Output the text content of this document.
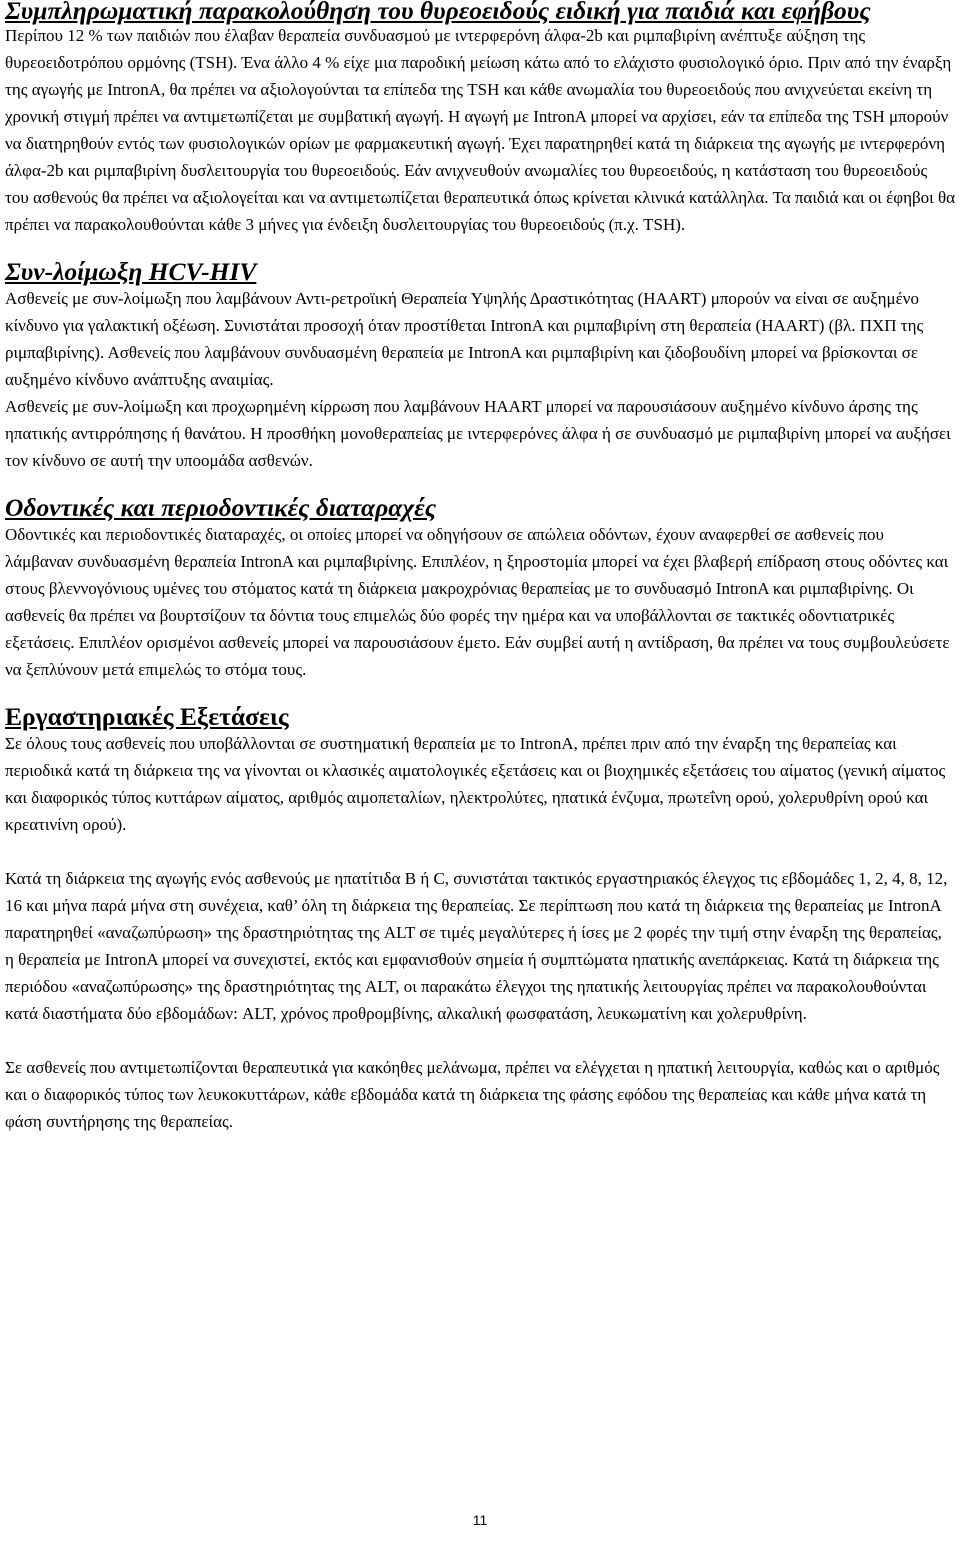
Συμπληρωματική παρακολούθηση του θυρεοειδούς ειδική για παιδιά και εφήβους

Περίπου 12 % των παιδιών που έλαβαν θεραπεία συνδυασμού με ιντερφερόνη άλφα-2b και ριμπαβιρίνη ανέπτυξε αύξηση της θυρεοειδοτρόπου ορμόνης (TSH). Ένα άλλο 4 % είχε μια παροδική μείωση κάτω από το ελάχιστο φυσιολογικό όριο. Πριν από την έναρξη της αγωγής με IntronA, θα πρέπει να αξιολογούνται τα επίπεδα της TSH και κάθε ανωμαλία του θυρεοειδούς που ανιχνεύεται εκείνη τη χρονική στιγμή πρέπει να αντιμετωπίζεται με συμβατική αγωγή. Η αγωγή με IntronA μπορεί να αρχίσει, εάν τα επίπεδα της TSH μπορούν να διατηρηθούν εντός των φυσιολογικών ορίων με φαρμακευτική αγωγή. Έχει παρατηρηθεί κατά τη διάρκεια της αγωγής με ιντερφερόνη άλφα-2b και ριμπαβιρίνη δυσλειτουργία του θυρεοειδούς. Εάν ανιχνευθούν ανωμαλίες του θυρεοειδούς, η κατάσταση του θυρεοειδούς του ασθενούς θα πρέπει να αξιολογείται και να αντιμετωπίζεται θεραπευτικά όπως κρίνεται κλινικά κατάλληλα. Τα παιδιά και οι έφηβοι θα πρέπει να παρακολουθούνται κάθε 3 μήνες για ένδειξη δυσλειτουργίας του θυρεοειδούς (π.χ. TSH).

Συν-λοίμωξη HCV-HIV

Ασθενείς με συν-λοίμωξη που λαμβάνουν Αντι-ρετροϊική Θεραπεία Υψηλής Δραστικότητας (HAART) μπορούν να είναι σε αυξημένο κίνδυνο για γαλακτική οξέωση. Συνιστάται προσοχή όταν προστίθεται IntronA και ριμπαβιρίνη στη θεραπεία (HAART) (βλ. ΠΧΠ της ριμπαβιρίνης). Ασθενείς που λαμβάνουν συνδυασμένη θεραπεία με IntronA και ριμπαβιρίνη και ζιδοβουδίνη μπορεί να βρίσκονται σε αυξημένο κίνδυνο ανάπτυξης αναιμίας.

Ασθενείς με συν-λοίμωξη και προχωρημένη κίρρωση που λαμβάνουν HAART μπορεί να παρουσιάσουν αυξημένο κίνδυνο άρσης της ηπατικής αντιρρόπησης ή θανάτου. Η προσθήκη μονοθεραπείας με ιντερφερόνες άλφα ή σε συνδυασμό με ριμπαβιρίνη μπορεί να αυξήσει τον κίνδυνο σε αυτή την υποομάδα ασθενών.

Οδοντικές και περιοδοντικές διαταραχές

Οδοντικές και περιοδοντικές διαταραχές, οι οποίες μπορεί να οδηγήσουν σε απώλεια οδόντων, έχουν αναφερθεί σε ασθενείς που λάμβαναν συνδυασμένη θεραπεία IntronA και ριμπαβιρίνης. Επιπλέον, η ξηροστομία μπορεί να έχει βλαβερή επίδραση στους οδόντες και στους βλεννογόνιους υμένες του στόματος κατά τη διάρκεια μακροχρόνιας θεραπείας με το συνδυασμό IntronA και ριμπαβιρίνης. Οι ασθενείς θα πρέπει να βουρτσίζουν τα δόντια τους επιμελώς δύο φορές την ημέρα και να υποβάλλονται σε τακτικές οδοντιατρικές εξετάσεις. Επιπλέον ορισμένοι ασθενείς μπορεί να παρουσιάσουν έμετο. Εάν συμβεί αυτή η αντίδραση, θα πρέπει να τους συμβουλεύσετε να ξεπλύνουν μετά επιμελώς το στόμα τους.

Εργαστηριακές Εξετάσεις

Σε όλους τους ασθενείς που υποβάλλονται σε συστηματική θεραπεία με το IntronA, πρέπει πριν από την έναρξη της θεραπείας και περιοδικά κατά τη διάρκεια της να γίνονται οι κλασικές αιματολογικές εξετάσεις και οι βιοχημικές εξετάσεις του αίματος (γενική αίματος και διαφορικός τύπος κυττάρων αίματος, αριθμός αιμοπεταλίων, ηλεκτρολύτες, ηπατικά ένζυμα, πρωτεΐνη ορού, χολερυθρίνη ορού και κρεατινίνη ορού).

Κατά τη διάρκεια της αγωγής ενός ασθενούς με ηπατίτιδα B ή C, συνιστάται τακτικός εργαστηριακός έλεγχος τις εβδομάδες 1, 2, 4, 8, 12, 16 και μήνα παρά μήνα στη συνέχεια, καθ’ όλη τη διάρκεια της θεραπείας. Σε περίπτωση που κατά τη διάρκεια της θεραπείας με IntronA παρατηρηθεί «αναζωπύρωση» της δραστηριότητας της ALT σε τιμές μεγαλύτερες ή ίσες με 2 φορές την τιμή στην έναρξη της θεραπείας, η θεραπεία με IntronA μπορεί να συνεχιστεί, εκτός και εμφανισθούν σημεία ή συμπτώματα ηπατικής ανεπάρκειας. Κατά τη διάρκεια της περιόδου «αναζωπύρωσης» της δραστηριότητας της ALT, οι παρακάτω έλεγχοι της ηπατικής λειτουργίας πρέπει να παρακολουθούνται κατά διαστήματα δύο εβδομάδων: ALT, χρόνος προθρομβίνης, αλκαλική φωσφατάση, λευκωματίνη και χολερυθρίνη.

Σε ασθενείς που αντιμετωπίζονται θεραπευτικά για κακόηθες μελάνωμα, πρέπει να ελέγχεται η ηπατική λειτουργία, καθώς και ο αριθμός και ο διαφορικός τύπος των λευκοκυττάρων, κάθε εβδομάδα κατά τη διάρκεια της φάσης εφόδου της θεραπείας και κάθε μήνα κατά τη φάση συντήρησης της θεραπείας.

11
